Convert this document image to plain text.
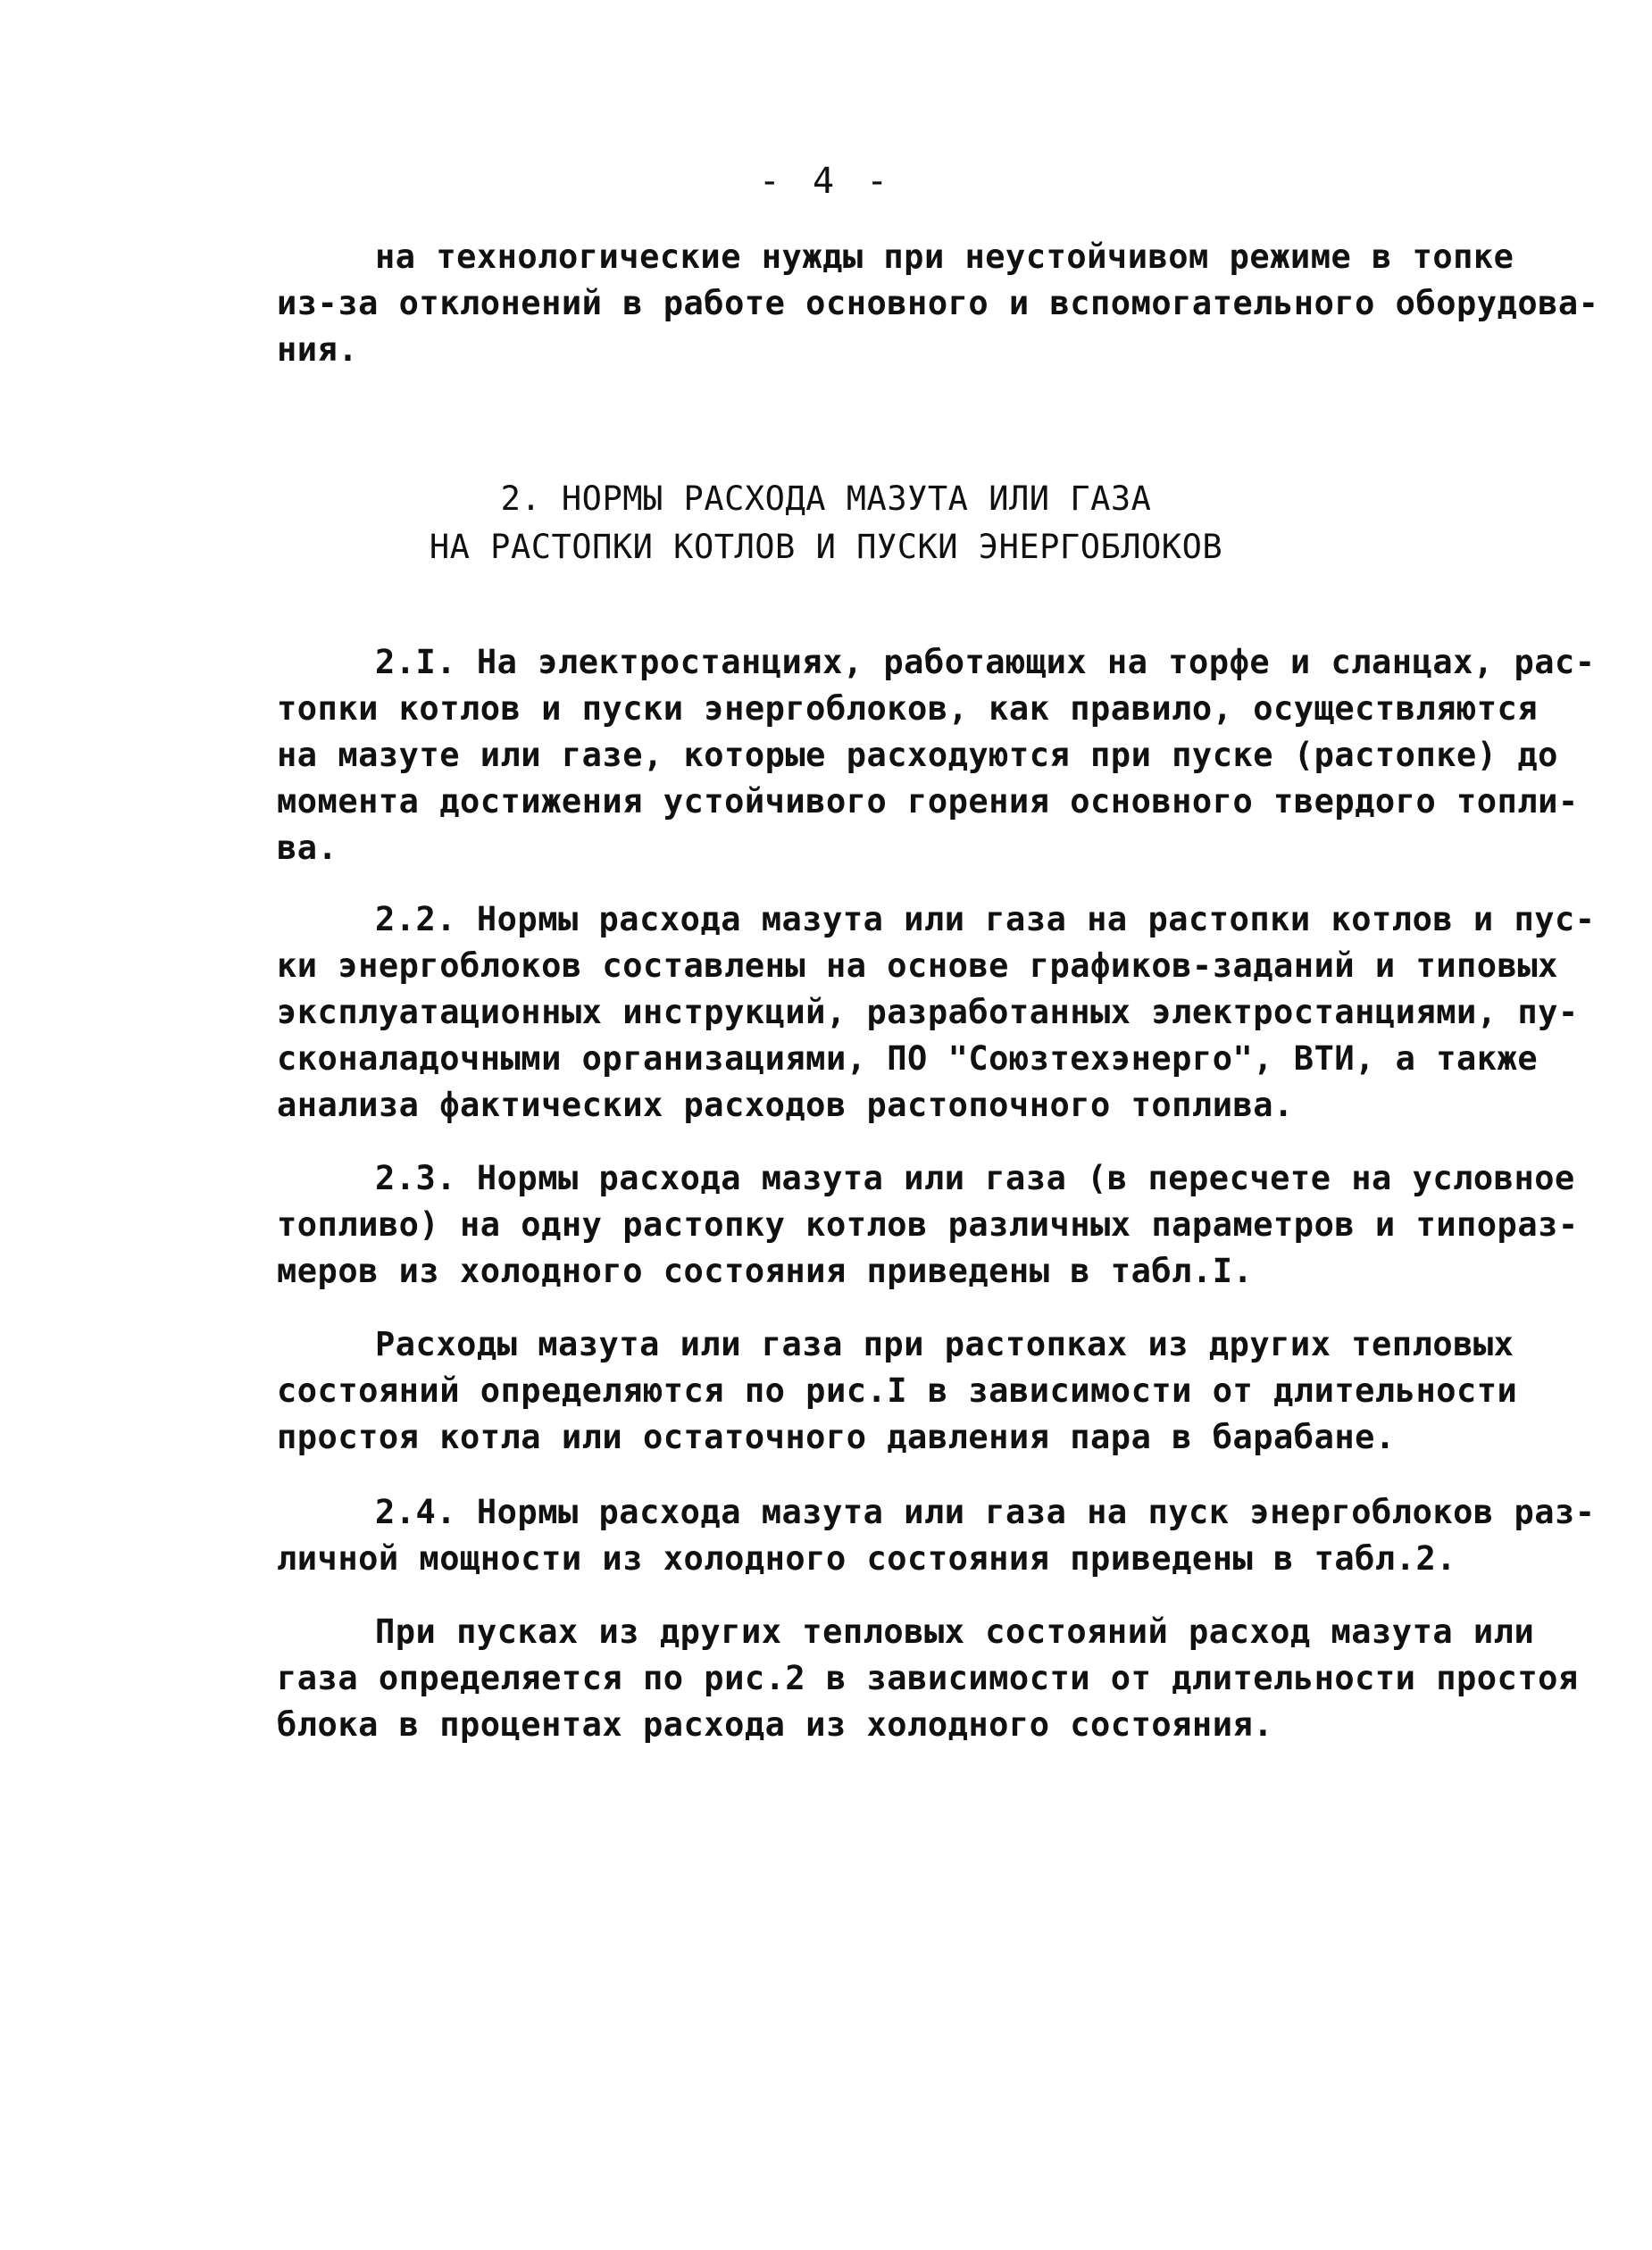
- 4 -
на технологические нужды при неустойчивом режиме в топке
из-за отклонений в работе основного и вспомогательного оборудова-
ния.
2. НОРМЫ РАСХОДА МАЗУТА ИЛИ ГАЗА
НА РАСТОПКИ КОТЛОВ И ПУСКИ ЭНЕРГОБЛОКОВ
2.I. На электростанциях, работающих на торфе и сланцах, рас-
топки котлов и пуски энергоблоков, как правило, осуществляются
на мазуте или газе, которые расходуются при пуске (растопке) до
момента достижения устойчивого горения основного твердого топли-
ва.
2.2. Нормы расхода мазута или газа на растопки котлов и пус-
ки энергоблоков составлены на основе графиков-заданий и типовых
эксплуатационных инструкций, разработанных электростанциями, пу-
сконаладочными организациями, ПО "Союзтехэнерго", ВТИ, а также
анализа фактических расходов растопочного топлива.
2.3. Нормы расхода мазута или газа (в пересчете на условное
топливо) на одну растопку котлов различных параметров и типораз-
меров из холодного состояния приведены в табл.I.
Расходы мазута или газа при растопках из других тепловых
состояний определяются по рис.I в зависимости от длительности
простоя котла или остаточного давления пара в барабане.
2.4. Нормы расхода мазута или газа на пуск энергоблоков раз-
личной мощности из холодного состояния приведены в табл.2.
При пусках из других тепловых состояний расход мазута или
газа определяется по рис.2 в зависимости от длительности простоя
блока в процентах расхода из холодного состояния.
